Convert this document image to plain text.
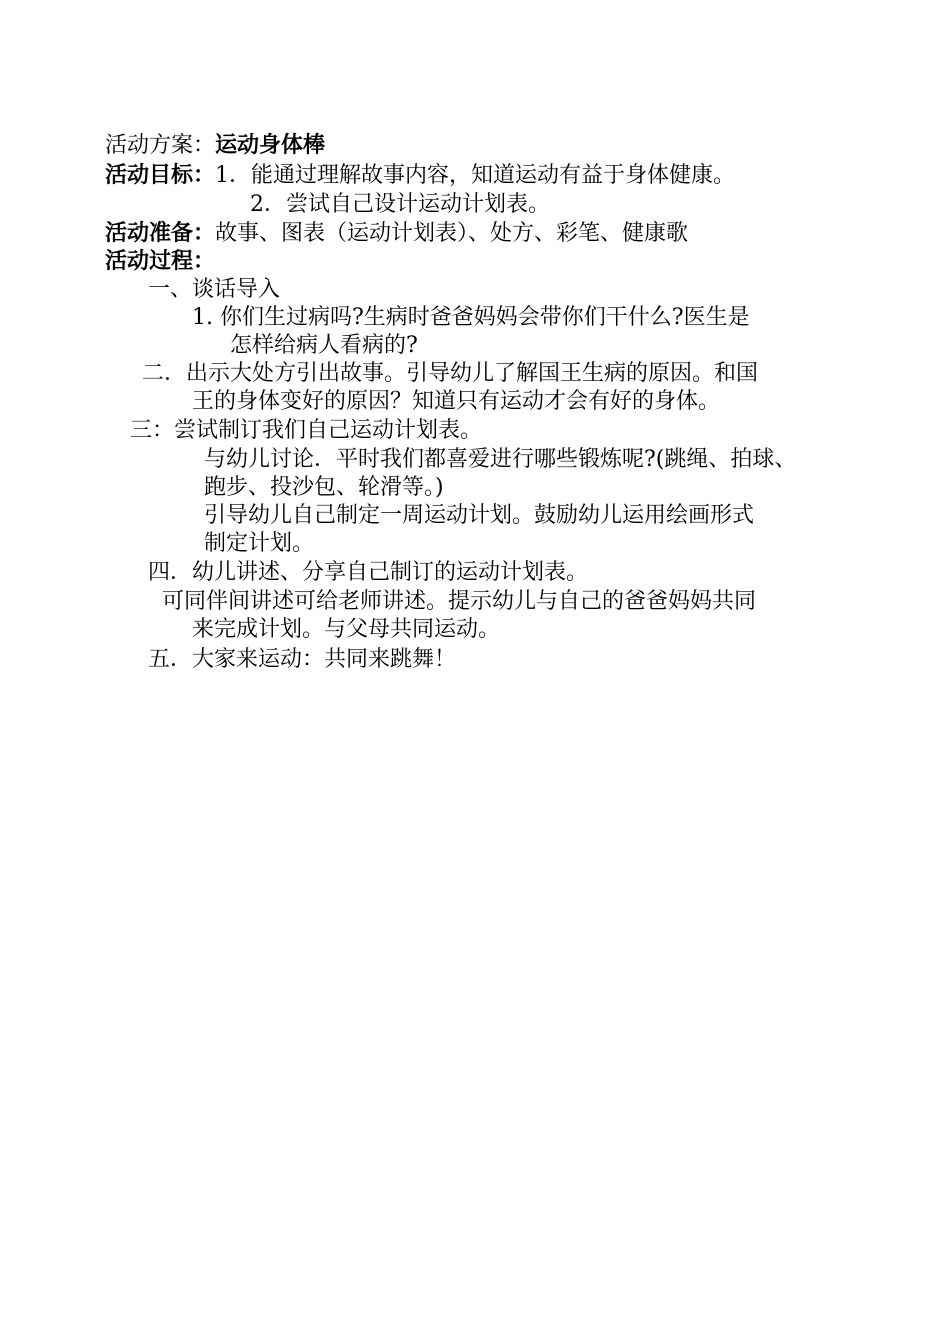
活动方案：运动身体棒
活动目标：1．能通过理解故事内容，知道运动有益于身体健康。
2．尝试自己设计运动计划表。
活动准备：故事、图表（运动计划表）、处方、彩笔、健康歌
活动过程：
一、谈话导入
1. 你们生过病吗?生病时爸爸妈妈会带你们干什么?医生是
怎样给病人看病的?
二．出示大处方引出故事。引导幼儿了解国王生病的原因。和国
王的身体变好的原因？知道只有运动才会有好的身体。
三：尝试制订我们自己运动计划表。
与幼儿讨论．平时我们都喜爱进行哪些锻炼呢?(跳绳、拍球、
跑步、投沙包、轮滑等。)
引导幼儿自己制定一周运动计划。鼓励幼儿运用绘画形式
制定计划。
四．幼儿讲述、分享自己制订的运动计划表。
可同伴间讲述可给老师讲述。提示幼儿与自己的爸爸妈妈共同
来完成计划。与父母共同运动。
五．大家来运动：共同来跳舞！
